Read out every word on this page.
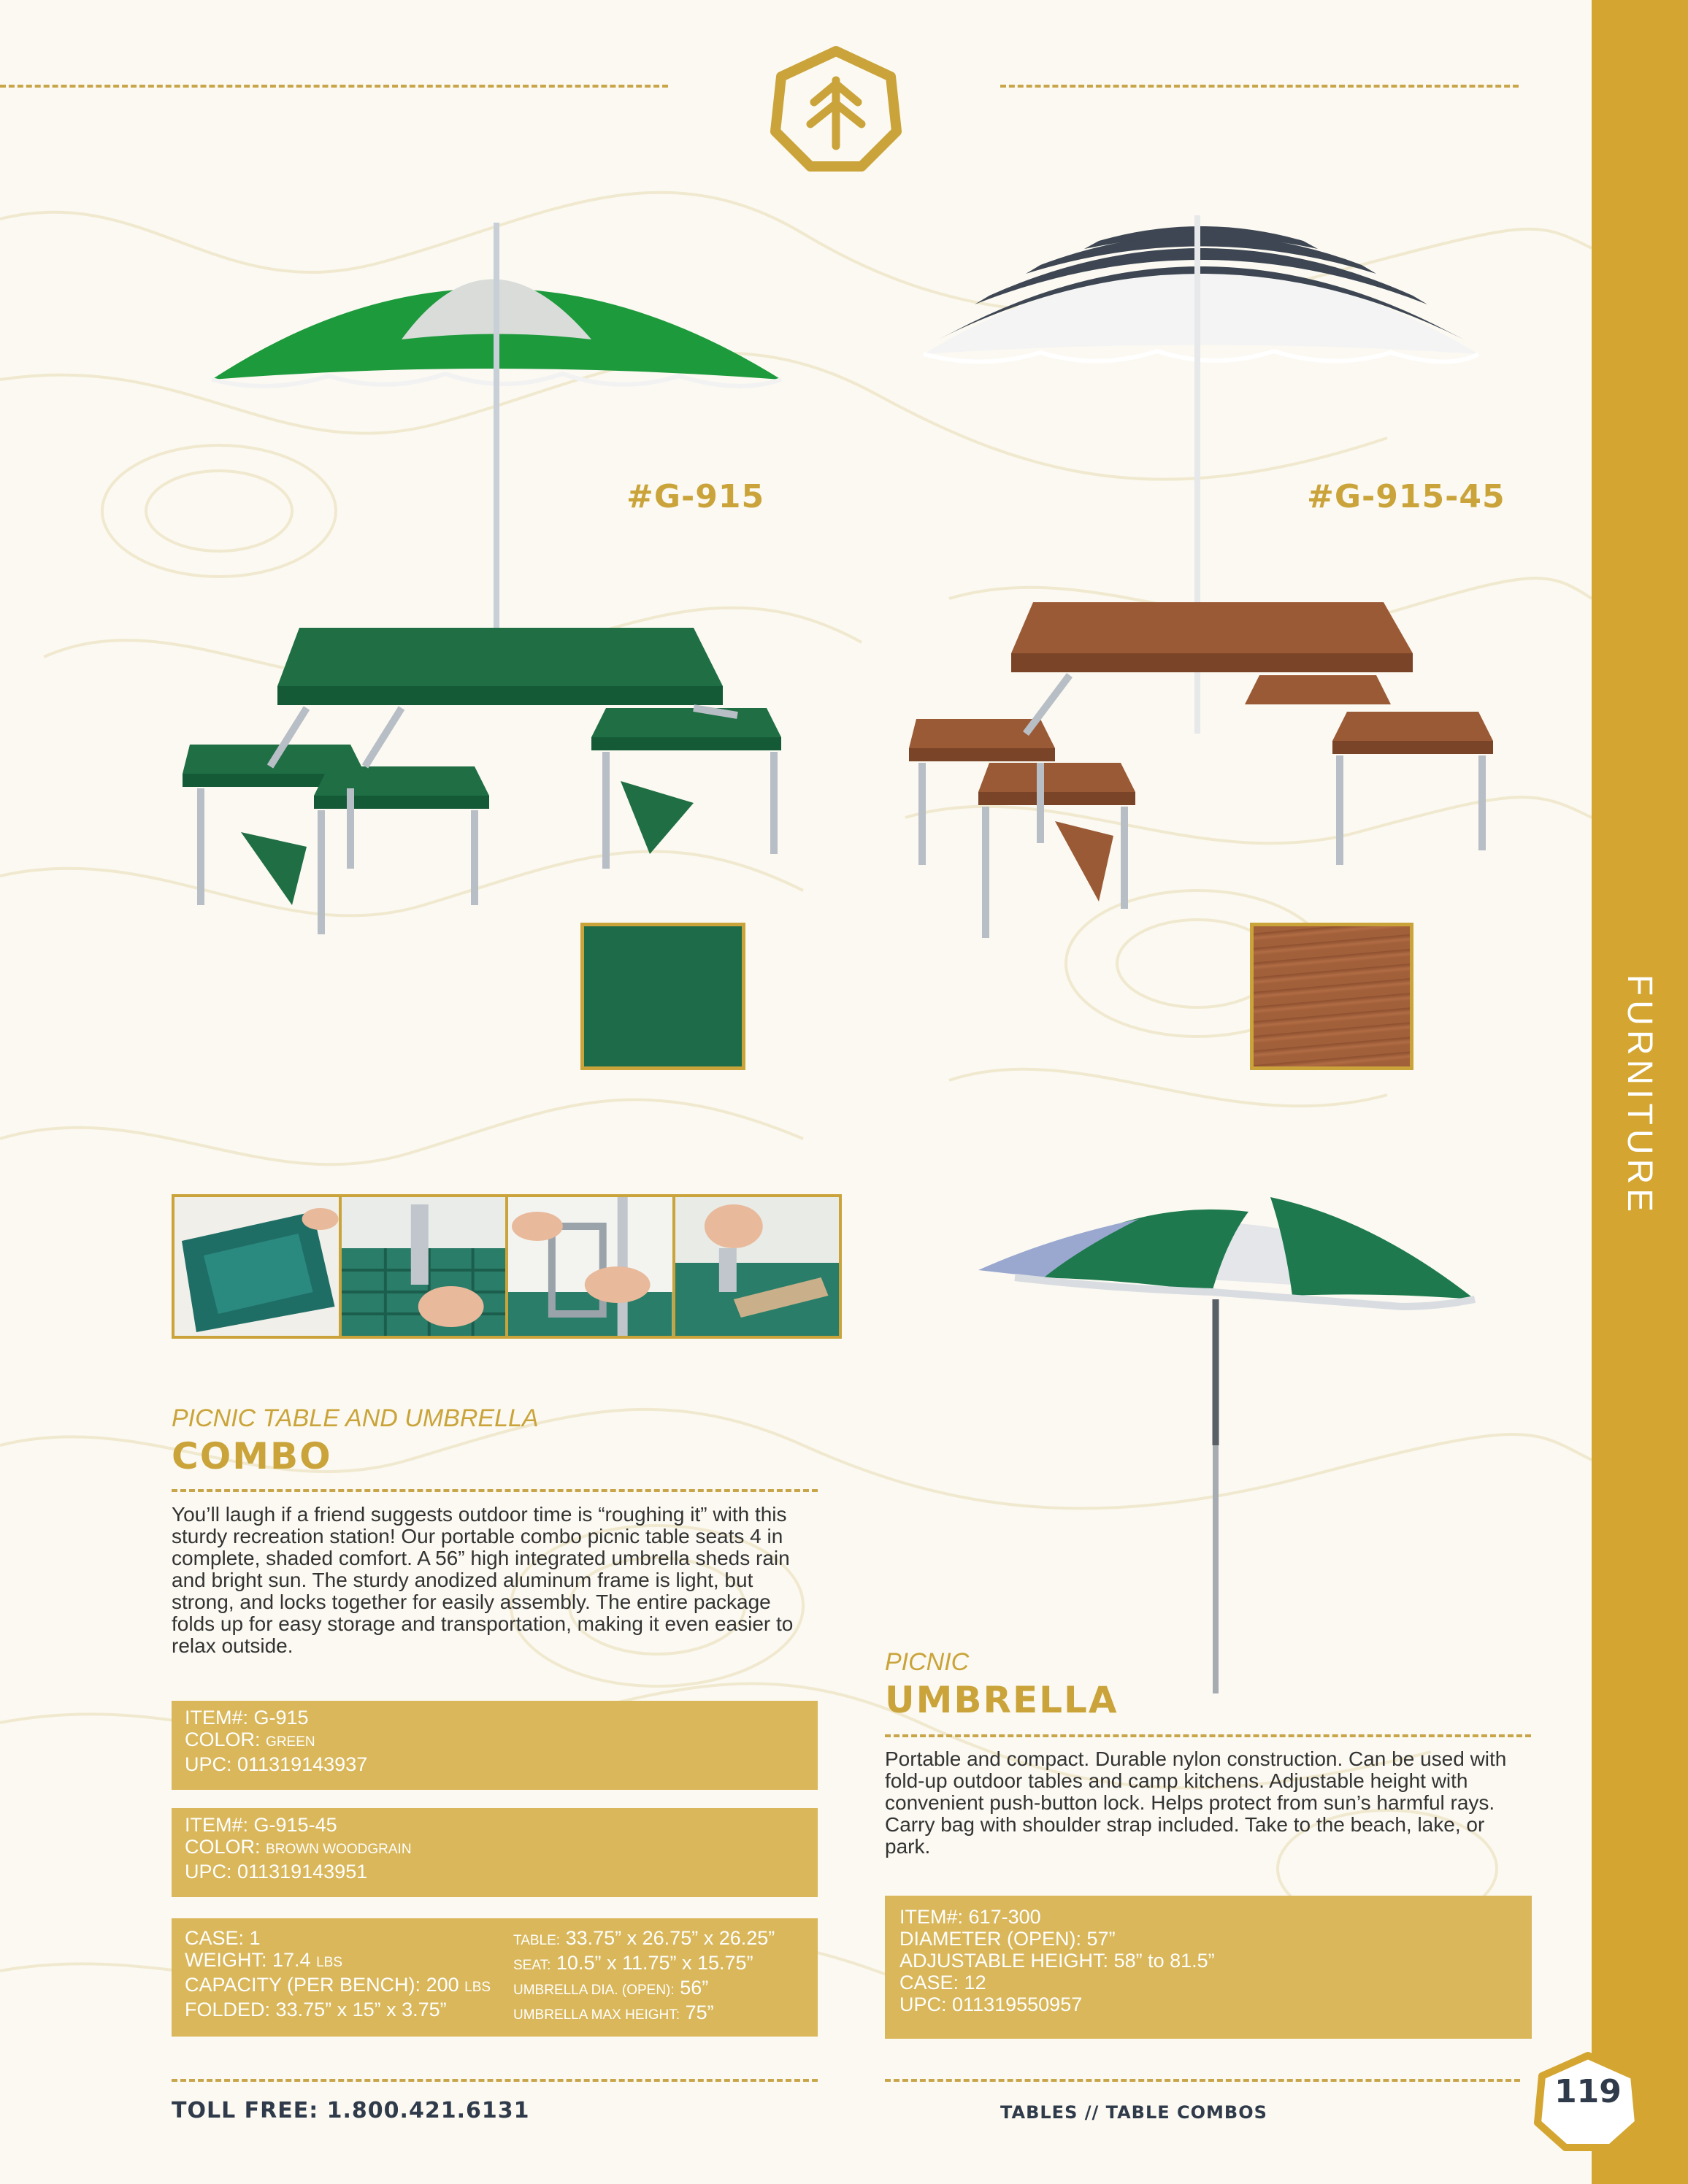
FURNITURE
#G-915	#G-915-45
PICNIC TABLE AND UMBRELLA
COMBO

You’ll laugh if a friend suggests outdoor time is “roughing it” with this sturdy recreation station! Our portable combo picnic table seats 4 in complete, shaded comfort. A 56” high integrated umbrella sheds rain and bright sun. The sturdy anodized aluminum frame is light, but strong, and locks together for easily assembly. The entire package folds up for easy storage and transportation, making it even easier to relax outside.

ITEM#: G-915
COLOR: GREEN
UPC: 011319143937
ITEM#: G-915-45
COLOR: BROWN WOODGRAIN
UPC: 011319143951
CASE: 1
WEIGHT: 17.4 LBS
CAPACITY (PER BENCH): 200 LBS
FOLDED: 33.75” x 15” x 3.75”
TABLE: 33.75” x 26.75” x 26.25”
SEAT: 10.5” x 11.75” x 15.75”
UMBRELLA DIA. (OPEN): 56”
UMBRELLA MAX HEIGHT: 75”
PICNIC
UMBRELLA

Portable and compact. Durable nylon construction. Can be used with fold-up outdoor tables and camp kitchens. Adjustable height with convenient push-button lock. Helps protect from sun’s harmful rays. Carry bag with shoulder strap included. Take to the beach, lake, or park.

ITEM#: 617-300
DIAMETER (OPEN): 57”
ADJUSTABLE HEIGHT: 58” to 81.5”
CASE: 12
UPC: 011319550957
TOLL FREE: 1.800.421.6131	TABLES // TABLE COMBOS
119
